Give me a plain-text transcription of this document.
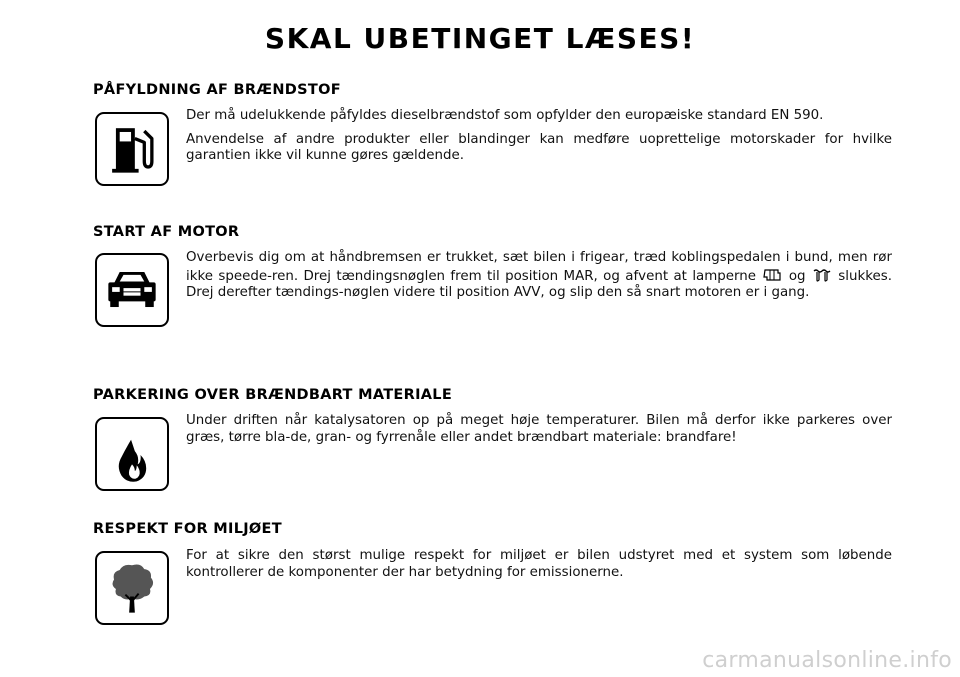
SKAL UBETINGET LÆSES!
PÅFYLDNING AF BRÆNDSTOF

Der må udelukkende påfyldes dieselbrændstof som opfylder den europæiske standard EN 590.

Anvendelse af andre produkter eller blandinger kan medføre uoprettelige motorskader for hvilke garantien ikke vil kunne gøres gældende.

START AF MOTOR

Overbevis dig om at håndbremsen er trukket, sæt bilen i frigear, træd koblingspedalen i bund, men rør ikke speede-ren. Drej tændingsnøglen frem til position MAR, og afvent at lamperne og slukkes. Drej derefter tændings-nøglen videre til position AVV, og slip den så snart motoren er i gang.

PARKERING OVER BRÆNDBART MATERIALE

Under driften når katalysatoren op på meget høje temperaturer. Bilen må derfor ikke parkeres over græs, tørre bla-de, gran- og fyrrenåle eller andet brændbart materiale: brandfare!

RESPEKT FOR MILJØET

For at sikre den størst mulige respekt for miljøet er bilen udstyret med et system som løbende kontrollerer de komponenter der har betydning for emissionerne.

carmanualsonline.info
